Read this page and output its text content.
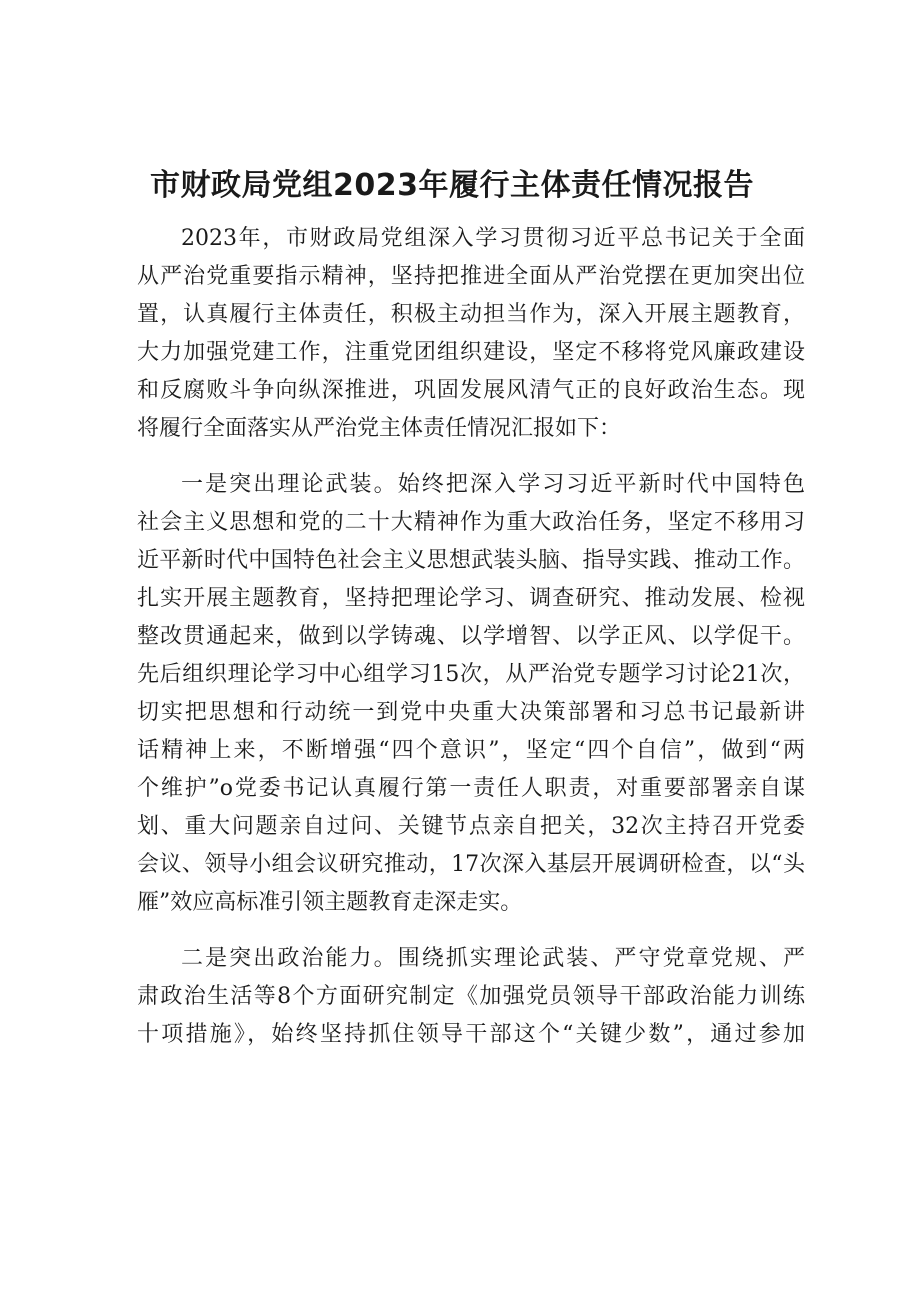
市财政局党组2023年履行主体责任情况报告
2023年，市财政局党组深入学习贯彻习近平总书记关于全面
从严治党重要指示精神，坚持把推进全面从严治党摆在更加突出位
置，认真履行主体责任，积极主动担当作为，深入开展主题教育，
大力加强党建工作，注重党团组织建设，坚定不移将党风廉政建设
和反腐败斗争向纵深推进，巩固发展风清气正的良好政治生态。现
将履行全面落实从严治党主体责任情况汇报如下：
一是突出理论武装。始终把深入学习习近平新时代中国特色
社会主义思想和党的二十大精神作为重大政治任务，坚定不移用习
近平新时代中国特色社会主义思想武装头脑、指导实践、推动工作。
扎实开展主题教育，坚持把理论学习、调查研究、推动发展、检视
整改贯通起来，做到以学铸魂、以学增智、以学正风、以学促干。
先后组织理论学习中心组学习15次，从严治党专题学习讨论21次，
切实把思想和行动统一到党中央重大决策部署和习总书记最新讲
话精神上来，不断增强“四个意识”，坚定“四个自信”，做到“两
个维护”o党委书记认真履行第一责任人职责，对重要部署亲自谋
划、重大问题亲自过问、关键节点亲自把关，32次主持召开党委
会议、领导小组会议研究推动，17次深入基层开展调研检查，以“头
雁”效应高标准引领主题教育走深走实。
二是突出政治能力。围绕抓实理论武装、严守党章党规、严
肃政治生活等8个方面研究制定《加强党员领导干部政治能力训练
十项措施》，始终坚持抓住领导干部这个“关键少数”，通过参加
